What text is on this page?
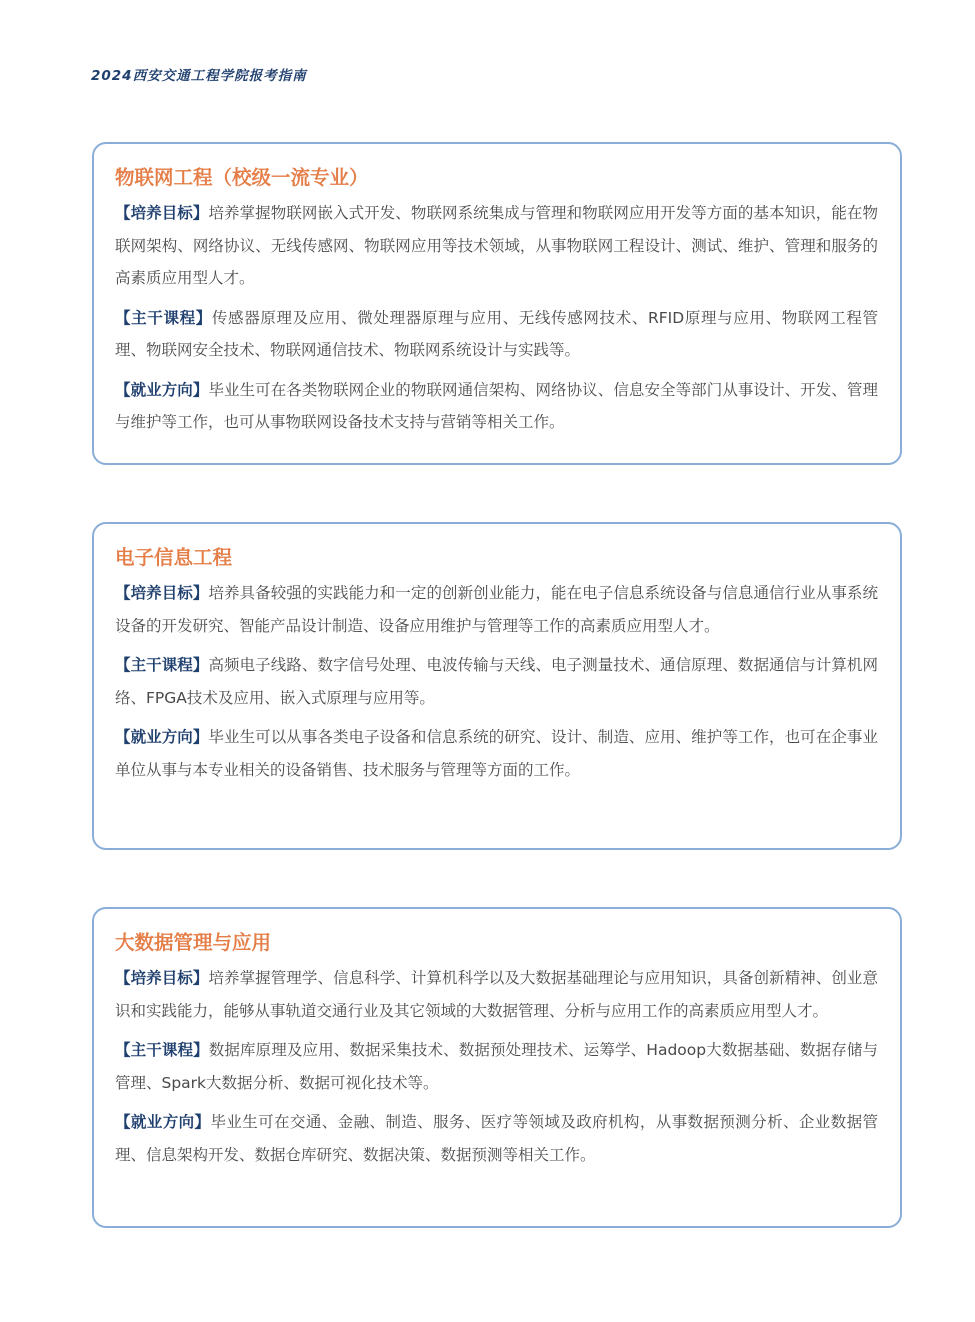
2024西安交通工程学院报考指南
物联网工程（校级一流专业）
【培养目标】培养掌握物联网嵌入式开发、物联网系统集成与管理和物联网应用开发等方面的基本知识，能在物联网架构、网络协议、无线传感网、物联网应用等技术领域，从事物联网工程设计、测试、维护、管理和服务的高素质应用型人才。
【主干课程】传感器原理及应用、微处理器原理与应用、无线传感网技术、RFID原理与应用、物联网工程管理、物联网安全技术、物联网通信技术、物联网系统设计与实践等。
【就业方向】毕业生可在各类物联网企业的物联网通信架构、网络协议、信息安全等部门从事设计、开发、管理与维护等工作，也可从事物联网设备技术支持与营销等相关工作。
电子信息工程
【培养目标】培养具备较强的实践能力和一定的创新创业能力，能在电子信息系统设备与信息通信行业从事系统设备的开发研究、智能产品设计制造、设备应用维护与管理等工作的高素质应用型人才。
【主干课程】高频电子线路、数字信号处理、电波传输与天线、电子测量技术、通信原理、数据通信与计算机网络、FPGA技术及应用、嵌入式原理与应用等。
【就业方向】毕业生可以从事各类电子设备和信息系统的研究、设计、制造、应用、维护等工作，也可在企事业单位从事与本专业相关的设备销售、技术服务与管理等方面的工作。
大数据管理与应用
【培养目标】培养掌握管理学、信息科学、计算机科学以及大数据基础理论与应用知识，具备创新精神、创业意识和实践能力，能够从事轨道交通行业及其它领域的大数据管理、分析与应用工作的高素质应用型人才。
【主干课程】数据库原理及应用、数据采集技术、数据预处理技术、运筹学、Hadoop大数据基础、数据存储与管理、Spark大数据分析、数据可视化技术等。
【就业方向】毕业生可在交通、金融、制造、服务、医疗等领域及政府机构，从事数据预测分析、企业数据管理、信息架构开发、数据仓库研究、数据决策、数据预测等相关工作。
